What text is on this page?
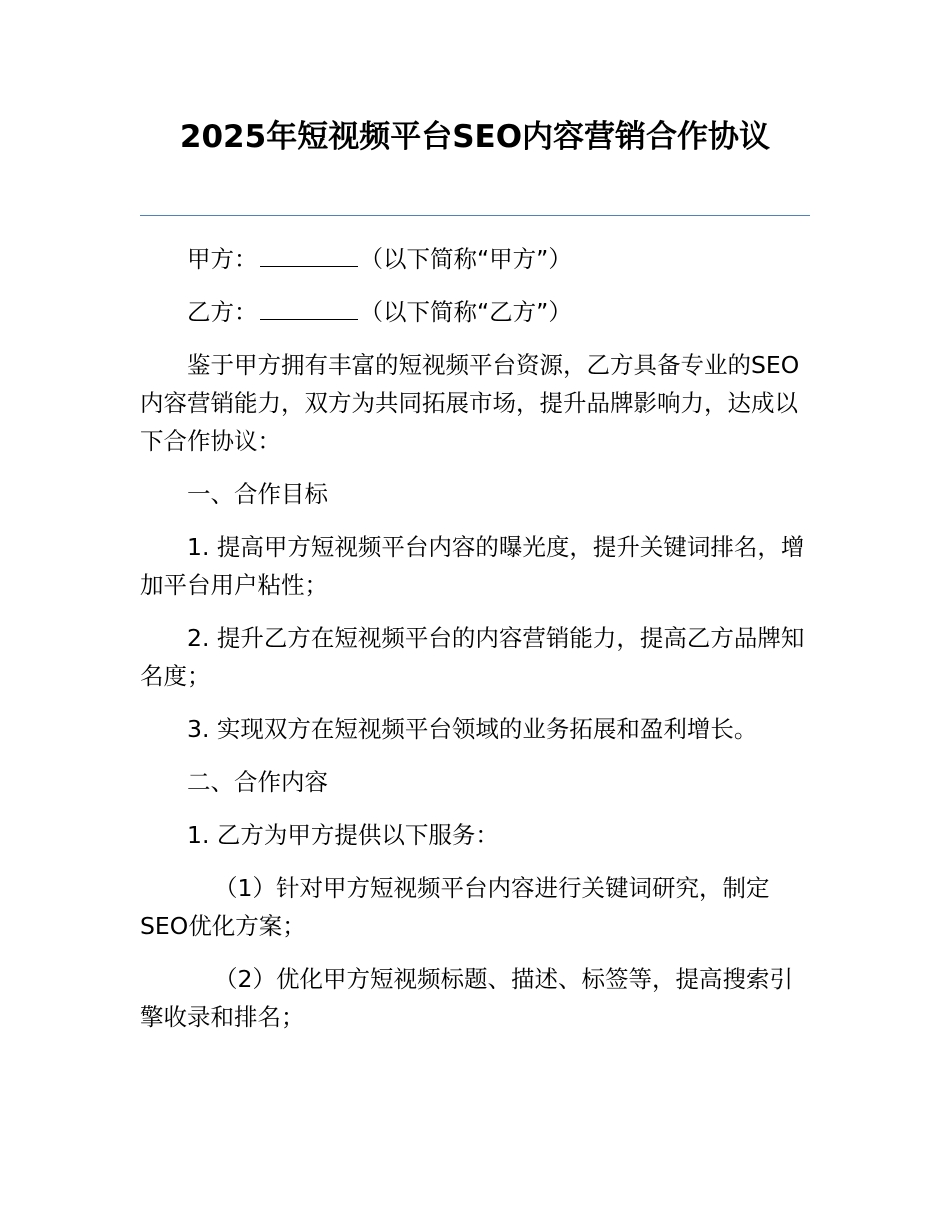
2025年短视频平台SEO内容营销合作协议

甲方：	（以下简称“甲方”）

乙方：	（以下简称“乙方”）

鉴于甲方拥有丰富的短视频平台资源，乙方具备专业的SEO内容营销能力，双方为共同拓展市场，提升品牌影响力，达成以下合作协议：

一、合作目标

1. 提高甲方短视频平台内容的曝光度，提升关键词排名，增加平台用户粘性；

2. 提升乙方在短视频平台的内容营销能力，提高乙方品牌知名度；

3. 实现双方在短视频平台领域的业务拓展和盈利增长。

二、合作内容

1. 乙方为甲方提供以下服务：

（1）针对甲方短视频平台内容进行关键词研究，制定SEO优化方案；

（2）优化甲方短视频标题、描述、标签等，提高搜索引擎收录和排名；
